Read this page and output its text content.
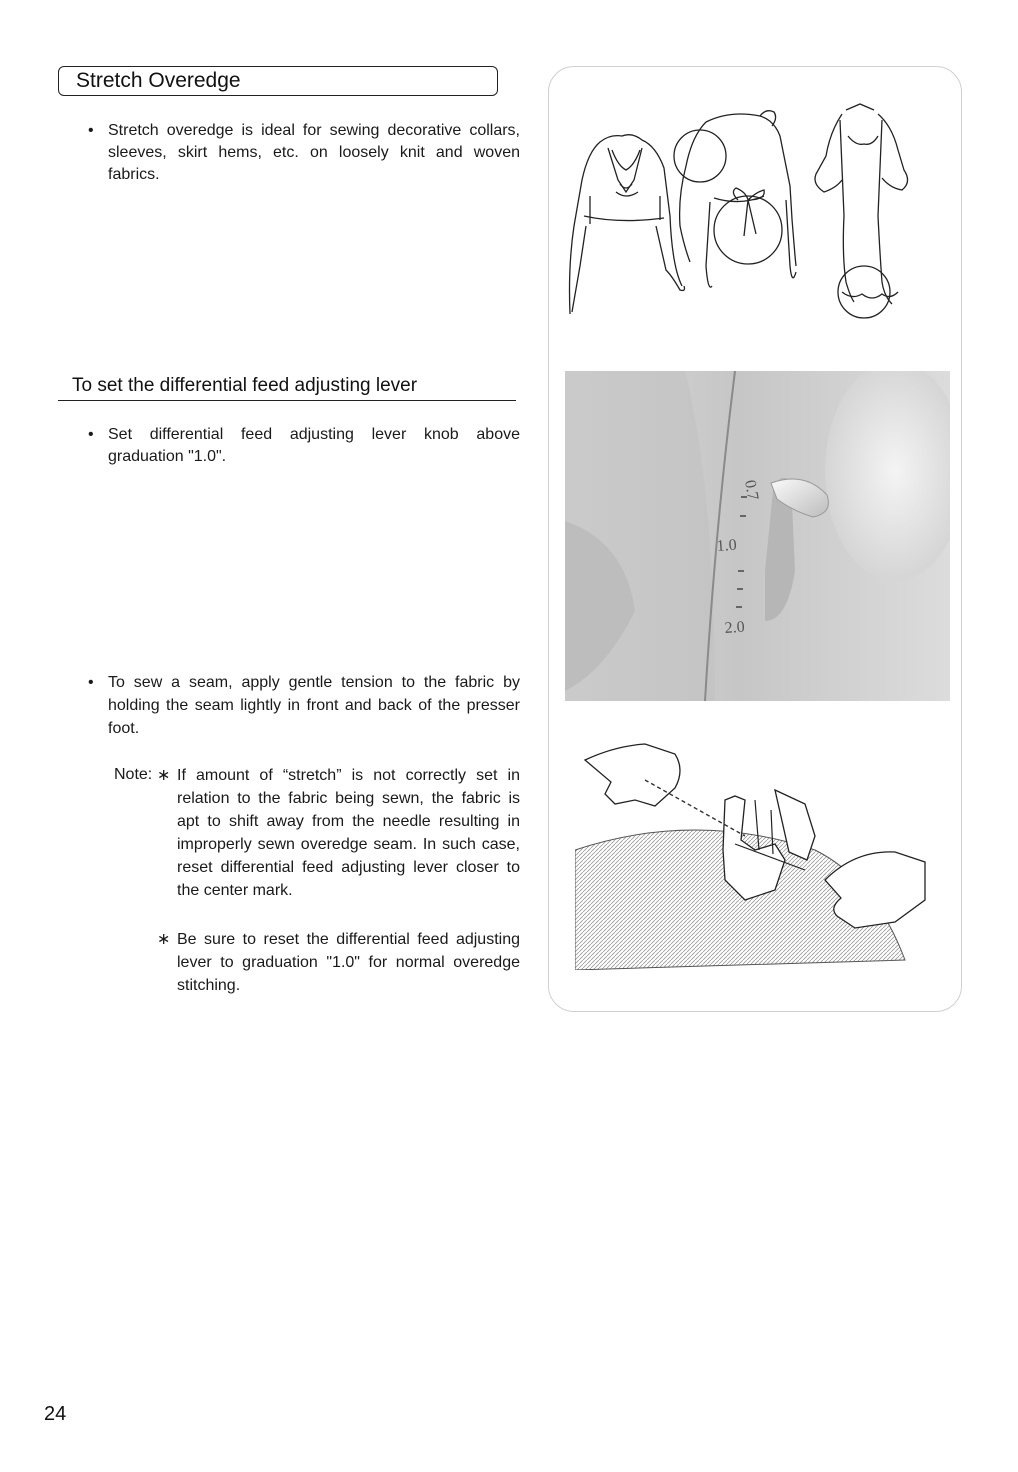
Stretch Overedge
• Stretch overedge is ideal for sewing decorative collars, sleeves, skirt hems, etc. on loosely knit and woven fabrics.
To set the differential feed adjusting lever
• Set differential feed adjusting lever knob above graduation "1.0".
• To sew a seam, apply gentle tension to the fabric by holding the seam lightly in front and back of the presser foot.
Note: ∗ If amount of “stretch” is not correctly set in relation to the fabric being sewn, the fabric is apt to shift away from the needle resulting in improperly sewn overedge seam. In such case, reset differential feed adjusting lever closer to the center mark.
∗ Be sure to reset the differential feed adjusting lever to graduation "1.0" for normal overedge stitching.
24
0.7
1.0
2.0
